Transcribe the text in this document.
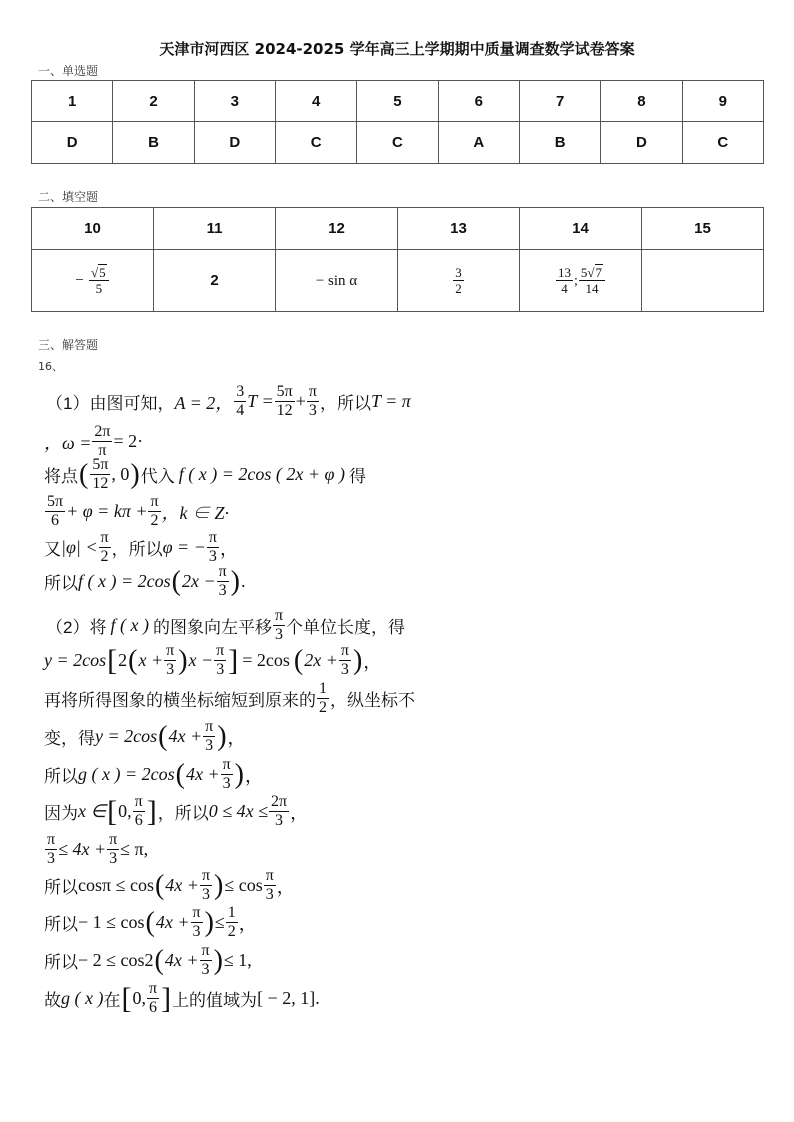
天津市河西区 2024-2025 学年高三上学期期中质量调查数学试卷答案
一、单选题
1	2	3	4	5	6	7	8	9
D	B	D	C	C	A	B	D	C
二、填空题
10	11	12	13	14	15
− $\frac{√5}{5}$	2	− sin α	$\frac{3}{2}$	$\frac{13}{4}$ ; $\frac{5√7}{14}$

三、解答题
16、
（1）由图可知， A = 2， $\frac{3}{4}$ $T = \frac{5\pi}{12} + \frac{\pi}{3}$ ，所以 T = π
，$\omega = \frac{2\pi}{\pi} = 2\cdot$
将点 ( $\frac{5\pi}{12}$ , 0 ) 代入 f ( x ) = 2cos ( 2x + φ ) 得
$\frac{5\pi}{6} + \varphi = k\pi + \frac{\pi}{2}$ ，k ∈ Z·
又 $|\varphi| < \frac{\pi}{2}$ ，所以 φ = − $\frac{\pi}{3}$ ，
所以 f ( x ) = 2cos ( $2x - \frac{\pi}{3}$ ) .
（2）将 f ( x ) 的图象向左平移 $\frac{\pi}{3}$ 个单位长度，得
y = 2cos [ 2 ( $x + \frac{\pi}{3}$ ) $x - \frac{\pi}{3}$ ] = 2cos ( $2x + \frac{\pi}{3}$ ) ，
再将所得图象的横坐标缩短到原来的 $\frac{1}{2}$ ，纵坐标不
变，得 y = 2cos ( $4x + \frac{\pi}{3}$ ) ，
所以 g ( x ) = 2cos ( $4x + \frac{\pi}{3}$ ) ，
因为 x ∈ [ 0, $\frac{\pi}{6}$ ] ，所以 $0 \le 4x \le \frac{2\pi}{3}$ ，
$\frac{\pi}{3} \le 4x + \frac{\pi}{3} \le \pi$,
所以 cosπ ≤ cos ( $4x + \frac{\pi}{3}$ ) ≤ $\cos \frac{\pi}{3}$ ，
所以 − 1 ≤ cos ( $4x + \frac{\pi}{3}$ ) ≤ $\frac{1}{2}$ ，
所以 − 2 ≤ cos2 ( $4x + \frac{\pi}{3}$ ) ≤ 1,
故 g ( x ) 在 [ 0, $\frac{\pi}{6}$ ] 上的值域为 [ − 2, 1].
